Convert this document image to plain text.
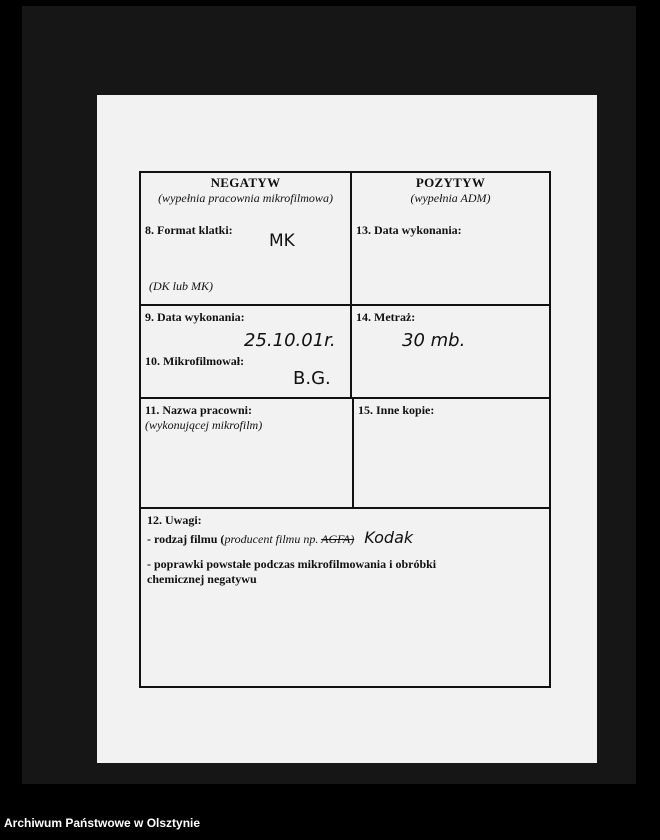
NEGATYW
(wypełnia pracownia mikrofilmowa)
8. Format klatki:
MK
(DK lub MK)
POZYTYW
(wypełnia ADM)
13. Data wykonania:
9. Data wykonania:
25.10.01r.
10. Mikrofilmował:
B.G.
14. Metraż:
30 mb.
11. Nazwa pracowni:
(wykonującej mikrofilm)
15. Inne kopie:
12. Uwagi:
- rodzaj filmu (producent filmu np. AGFA) Kodak
- poprawki powstałe podczas mikrofilmowania i obróbki
chemicznej negatywu
Archiwum Państwowe w Olsztynie
